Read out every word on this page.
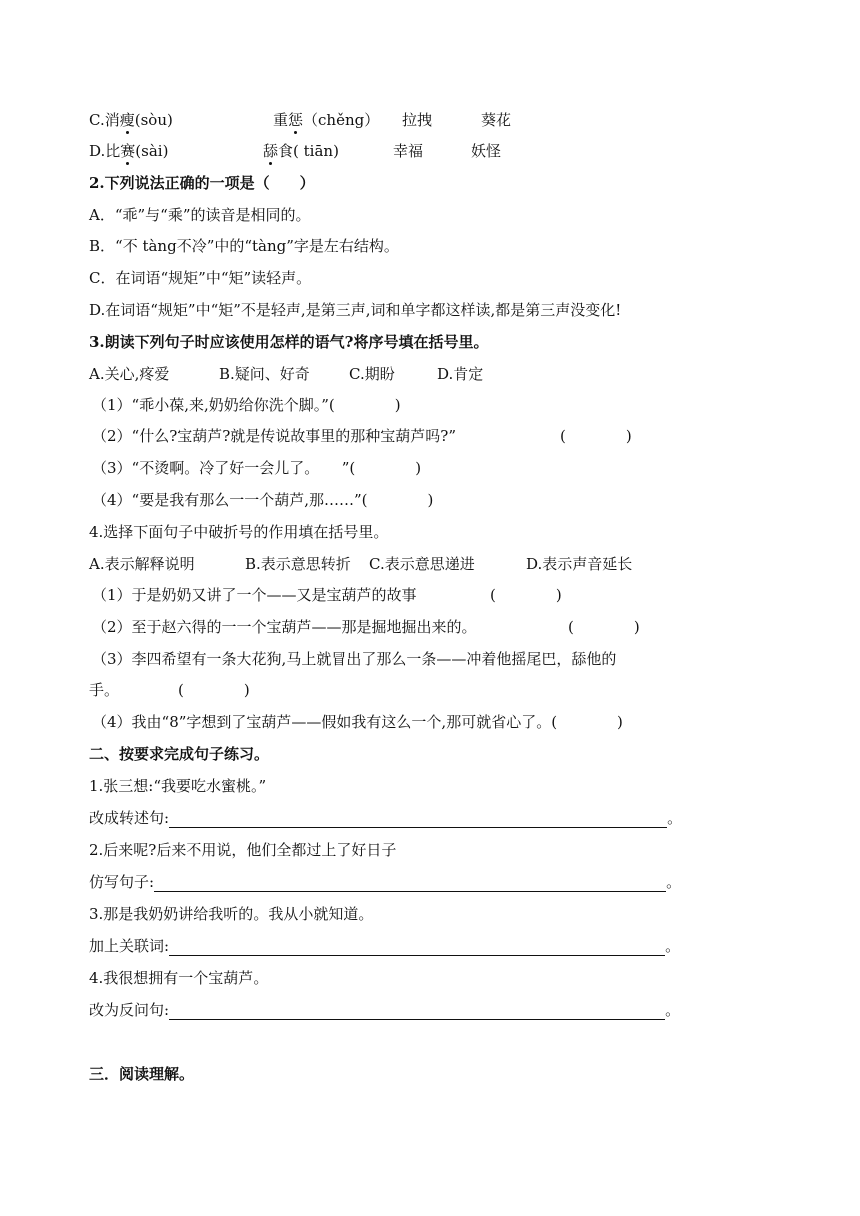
C.消瘦(sòu)	重惩（chěng） 拉拽	葵花
D.比赛(sài)	舔食( tiān)	幸福	妖怪
2.下列说法正确的一项是（　　）
A．“乖”与“乘”的读音是相同的。
B．“不 tàng不冷”中的“tàng”字是左右结构。
C．在词语“规矩”中“矩”读轻声。
D.在词语“规矩”中“矩”不是轻声,是第三声,词和单字都这样读,都是第三声没变化!
3.朗读下列句子时应该使用怎样的语气?将序号填在括号里。
A.关心,疼爱	B.疑问、好奇	C.期盼	D.肯定
（1）“乖小葆,来,奶奶给你洗个脚。”(　　　　)
（2）“什么?宝葫芦?就是传说故事里的那种宝葫芦吗?”	(　　　　)
（3）“不烫啊。冷了好一会儿了。　　”(　　　　)
（4）“要是我有那么一一个葫芦,那……”(　　　　)
4.选择下面句子中破折号的作用填在括号里。
A.表示解释说明	B.表示意思转折 C.表示意思递进	D.表示声音延长
（1）于是奶奶又讲了一个——又是宝葫芦的故事	(　　　　)
（2）至于赵六得的一一个宝葫芦——那是掘地掘出来的。	(　　　　)
（3）李四希望有一条大花狗,马上就冒出了那么一条——冲着他摇尾巴，舔他的
手。	(　　　　)
（4）我由“8”字想到了宝葫芦——假如我有这么一个,那可就省心了。(　　　　)
二、按要求完成句子练习。
1.张三想:“我要吃水蜜桃。”
改成转述句:	。
2.后来呢?后来不用说，他们全都过上了好日子
仿写句子:	。
3.那是我奶奶讲给我听的。我从小就知道。
加上关联词:	。
4.我很想拥有一个宝葫芦。
改为反问句:	。
三．阅读理解。
